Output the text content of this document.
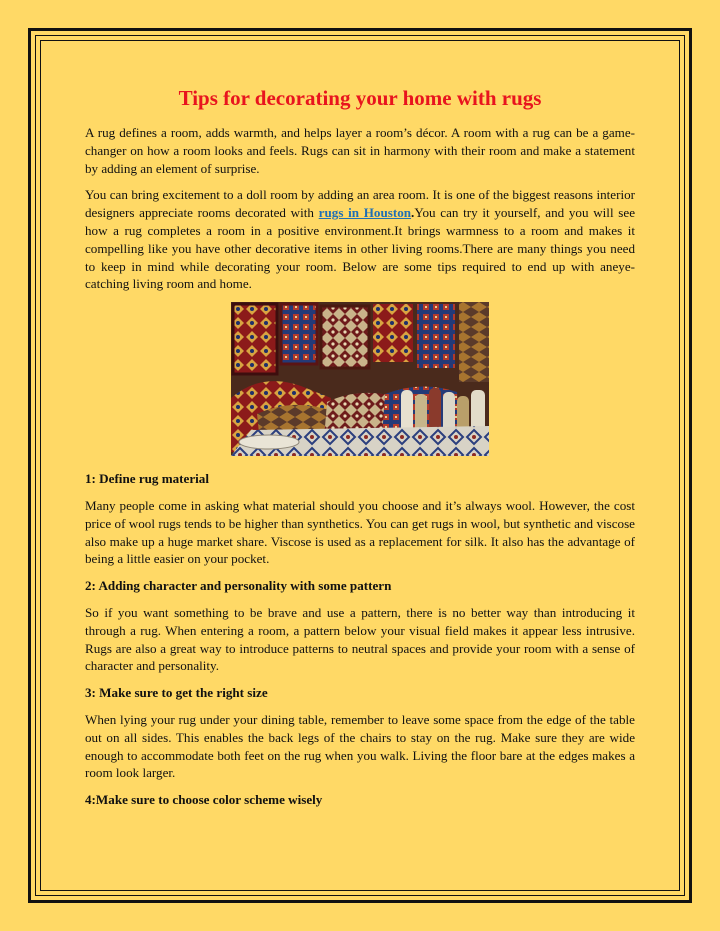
Tips for decorating your home with rugs

A rug defines a room, adds warmth, and helps layer a room’s décor. A room with a rug can be a game-changer on how a room looks and feels. Rugs can sit in harmony with their room and make a statement by adding an element of surprise.

You can bring excitement to a doll room by adding an area room. It is one of the biggest reasons interior designers appreciate rooms decorated with rugs in Houston.You can try it yourself, and you will see how a rug completes a room in a positive environment.It brings warmness to a room and makes it compelling like you have other decorative items in other living rooms.There are many things you need to keep in mind while decorating your room. Below are some tips required to end up with aneye-catching living room and home.

1: Define rug material

Many people come in asking what material should you choose and it’s always wool. However, the cost price of wool rugs tends to be higher than synthetics. You can get rugs in wool, but synthetic and viscose also make up a huge market share. Viscose is used as a replacement for silk. It also has the advantage of being a little easier on your pocket.

2: Adding character and personality with some pattern

So if you want something to be brave and use a pattern, there is no better way than introducing it through a rug. When entering a room, a pattern below your visual field makes it appear less intrusive. Rugs are also a great way to introduce patterns to neutral spaces and provide your room with a sense of character and personality.

3: Make sure to get the right size

When lying your rug under your dining table, remember to leave some space from the edge of the table out on all sides. This enables the back legs of the chairs to stay on the rug. Make sure they are wide enough to accommodate both feet on the rug when you walk. Living the floor bare at the edges makes a room look larger.

4:Make sure to choose color scheme wisely
